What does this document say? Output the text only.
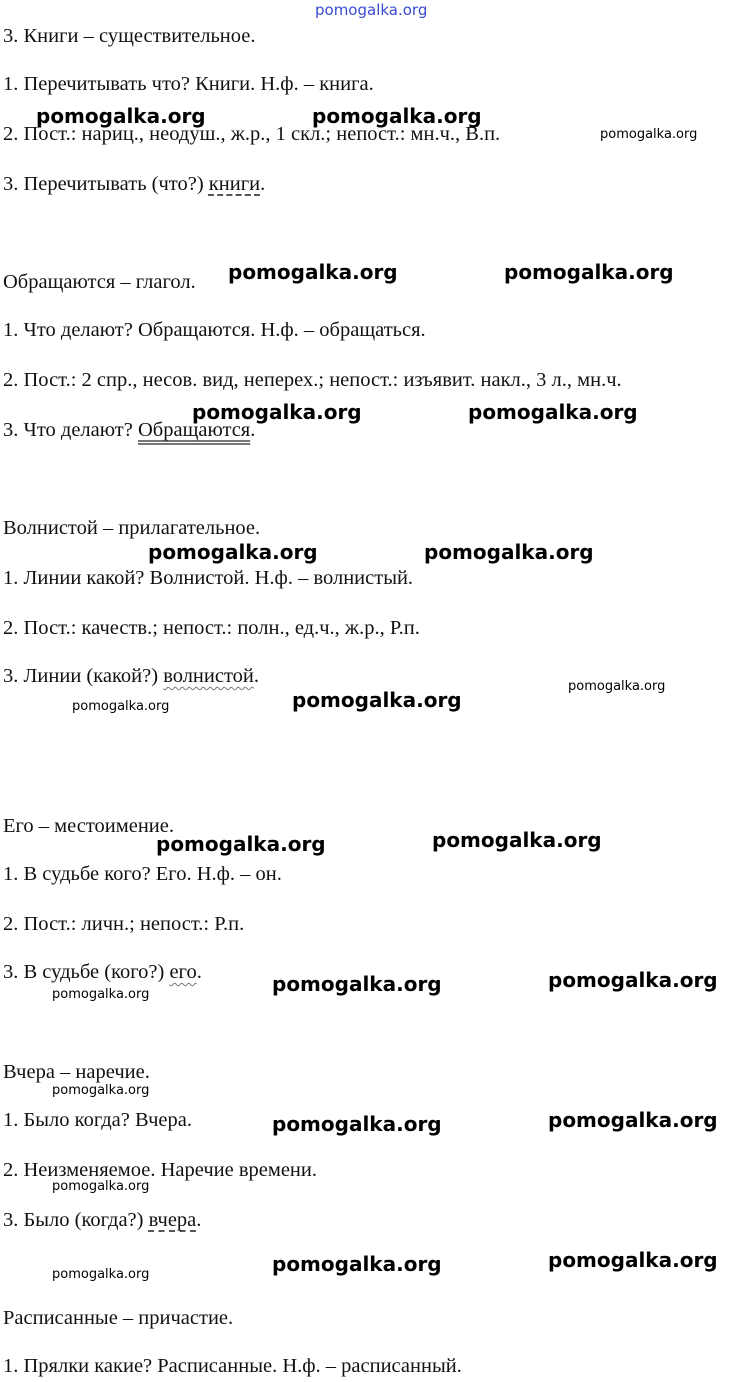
pomogalka.org
pomogalka.org	pomogalka.org
pomogalka.org
pomogalka.org	pomogalka.org
pomogalka.org	pomogalka.org
pomogalka.org	pomogalka.org
pomogalka.org
pomogalka.org
pomogalka.org
pomogalka.org	pomogalka.org
pomogalka.org	pomogalka.org
pomogalka.org
pomogalka.org
pomogalka.org	pomogalka.org
pomogalka.org
pomogalka.org	pomogalka.org
pomogalka.org
3. Книги – существительное.
1. Перечитывать что? Книги. Н.ф. – книга.
2. Пост.: нариц., неодуш., ж.р., 1 скл.; непост.: мн.ч., В.п.
3. Перечитывать (что?) книги.
Обращаются – глагол.
1. Что делают? Обращаются. Н.ф. – обращаться.
2. Пост.: 2 спр., несов. вид, неперех.; непост.: изъявит. накл., 3 л., мн.ч.
3. Что делают? Обращаются.
Волнистой – прилагательное.
1. Линии какой? Волнистой. Н.ф. – волнистый.
2. Пост.: качеств.; непост.: полн., ед.ч., ж.р., Р.п.
3. Линии (какой?) волнистой.
Его – местоимение.
1. В судьбе кого? Его. Н.ф. – он.
2. Пост.: личн.; непост.: Р.п.
3. В судьбе (кого?) его.
Вчера – наречие.
1. Было когда? Вчера.
2. Неизменяемое. Наречие времени.
3. Было (когда?) вчера.
Расписанные – причастие.
1. Прялки какие? Расписанные. Н.ф. – расписанный.
